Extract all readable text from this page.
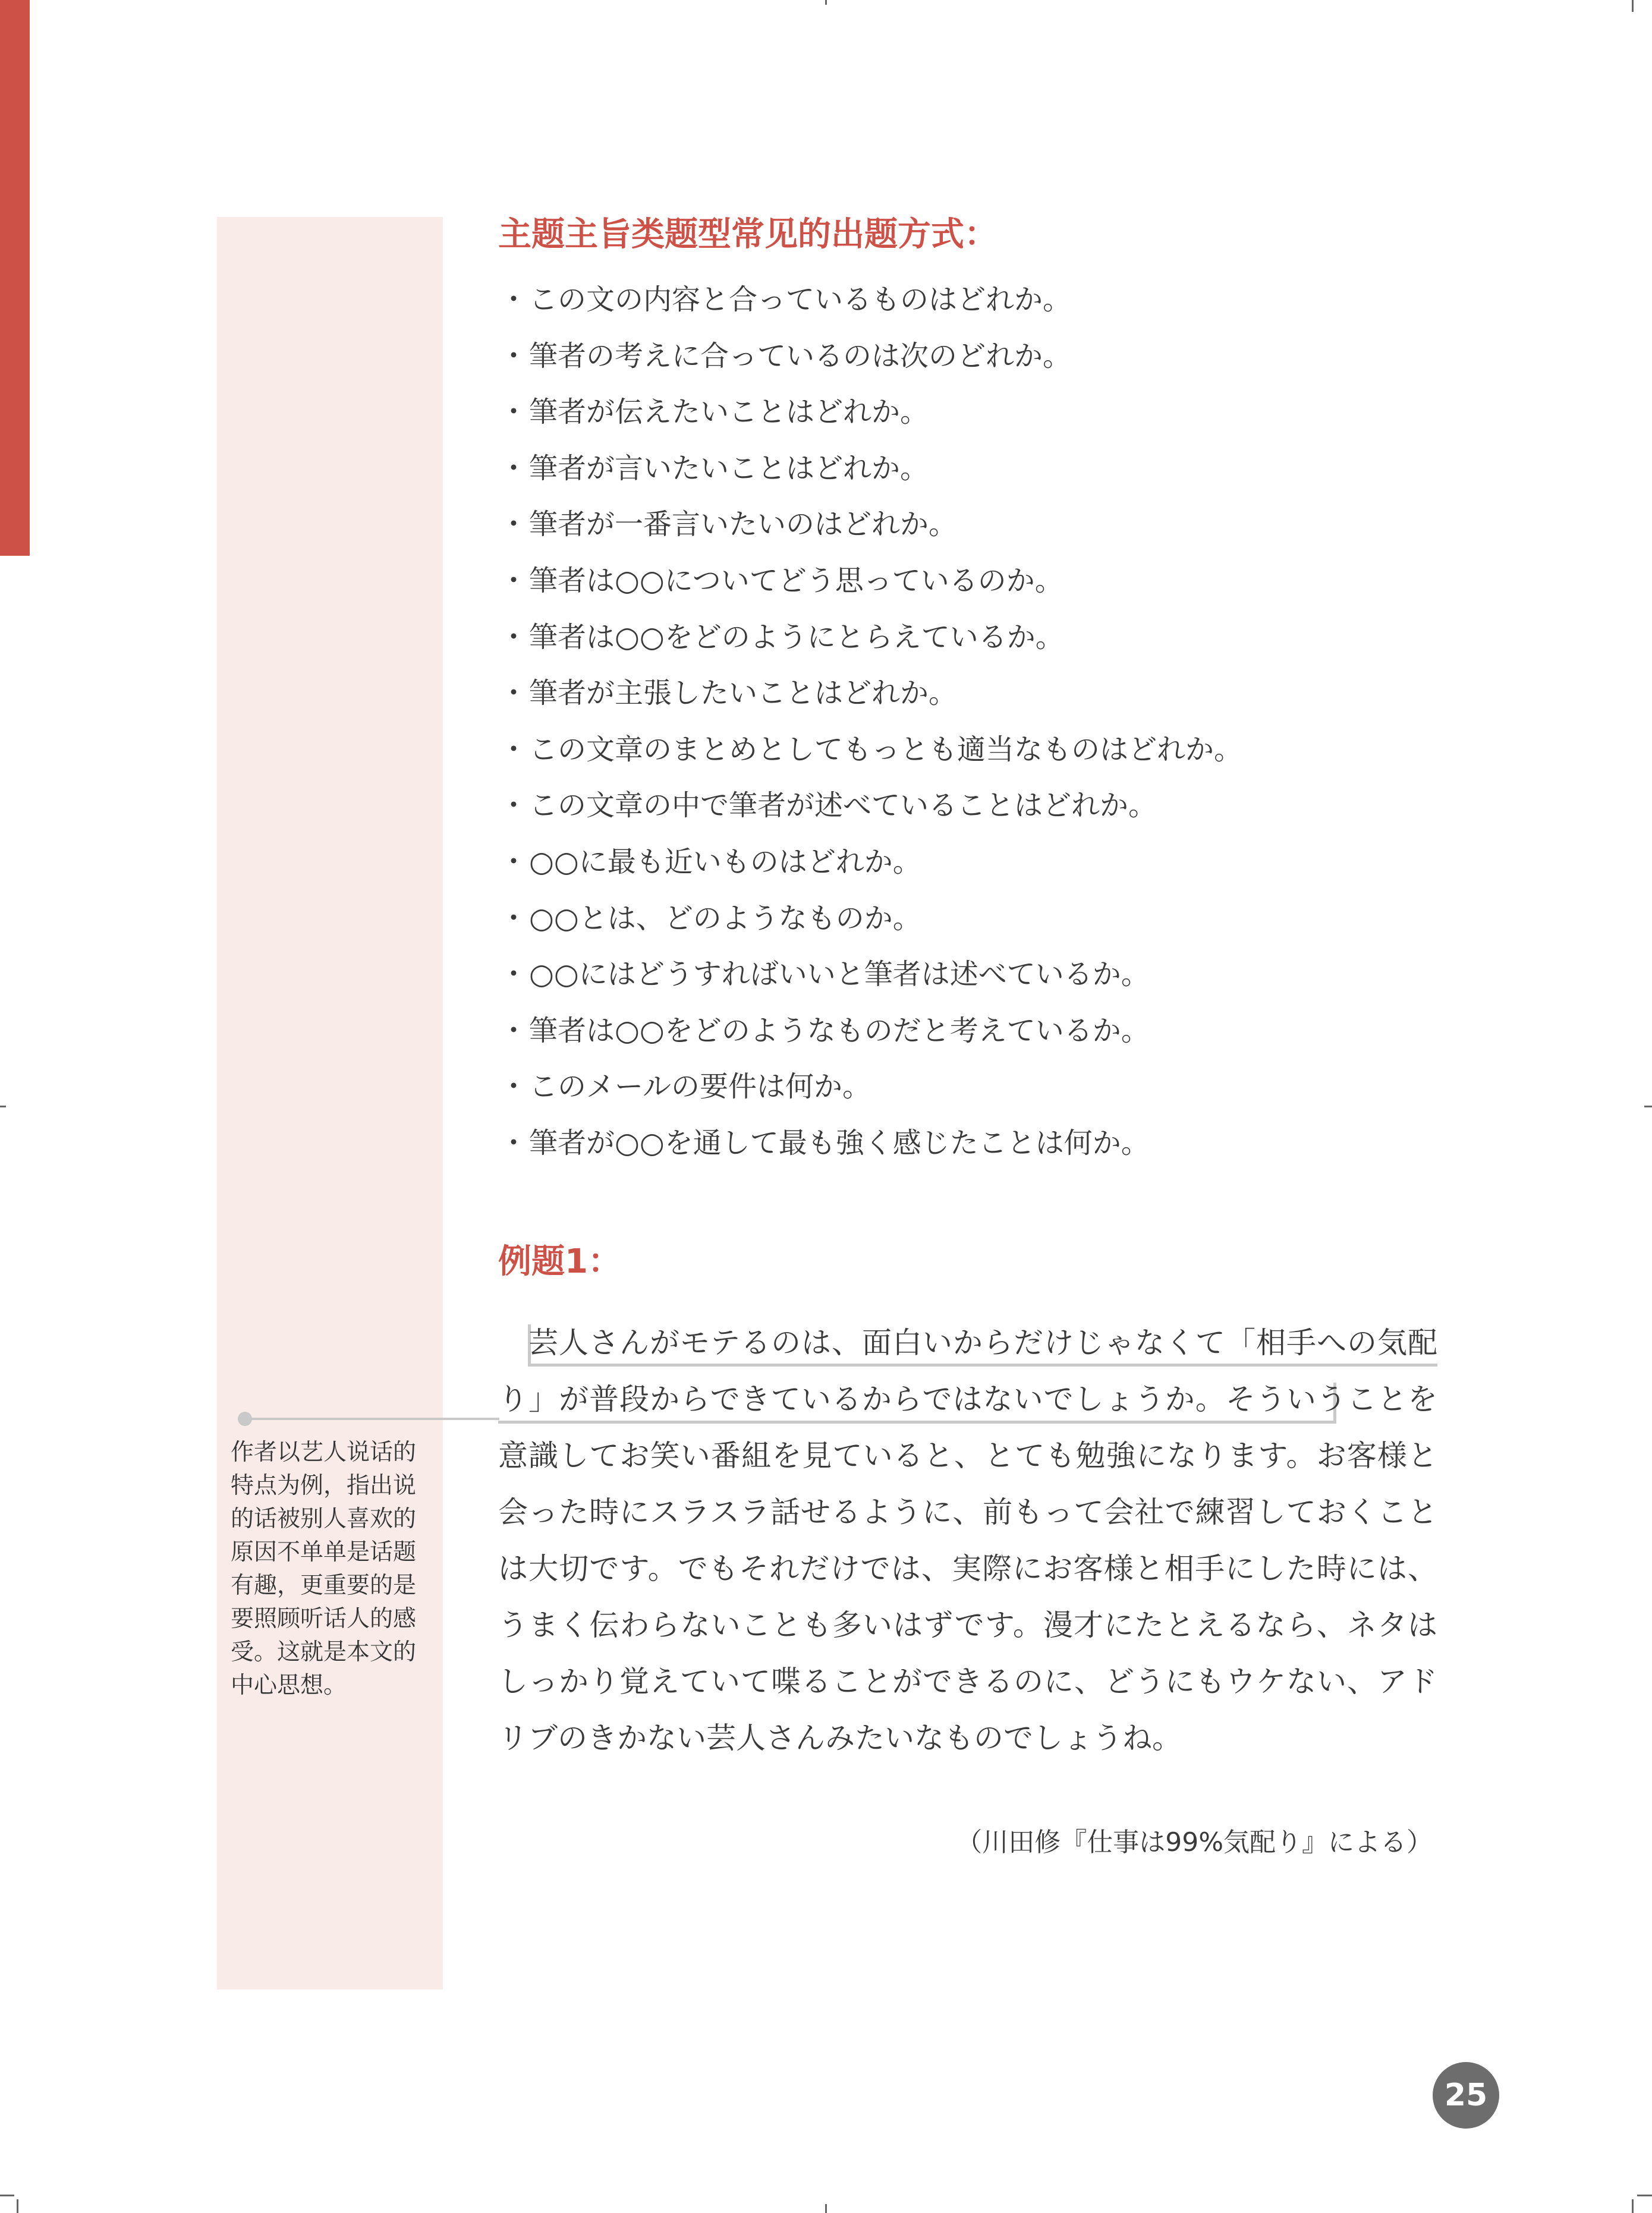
主题主旨类题型常见的出题方式：
・この文の内容と合っているものはどれか。
・筆者の考えに合っているのは次のどれか。
・筆者が伝えたいことはどれか。
・筆者が言いたいことはどれか。
・筆者が一番言いたいのはどれか。
・筆者は○○についてどう思っているのか。
・筆者は○○をどのようにとらえているか。
・筆者が主張したいことはどれか。
・この文章のまとめとしてもっとも適当なものはどれか。
・この文章の中で筆者が述べていることはどれか。
・○○に最も近いものはどれか。
・○○とは、どのようなものか。
・○○にはどうすればいいと筆者は述べているか。
・筆者は○○をどのようなものだと考えているか。
・このメールの要件は何か。
・筆者が○○を通して最も強く感じたことは何か。
例题1：

芸人さんがモテるのは、面白いからだけじゃなくて「相手への気配り」が普段からできているからではないでしょうか。そういうことを意識してお笑い番組を見ていると、とても勉強になります。お客様と会った時にスラスラ話せるように、前もって会社で練習しておくことは大切です。でもそれだけでは、実際にお客様と相手にした時には、うまく伝わらないことも多いはずです。漫才にたとえるなら、ネタはしっかり覚えていて喋ることができるのに、どうにもウケない、アドリブのきかない芸人さんみたいなものでしょうね。

作者以艺人说话的特点为例，指出说的话被别人喜欢的原因不单单是话题有趣，更重要的是要照顾听话人的感受。这就是本文的中心思想。

（川田修『仕事は99%気配り』による）

25
